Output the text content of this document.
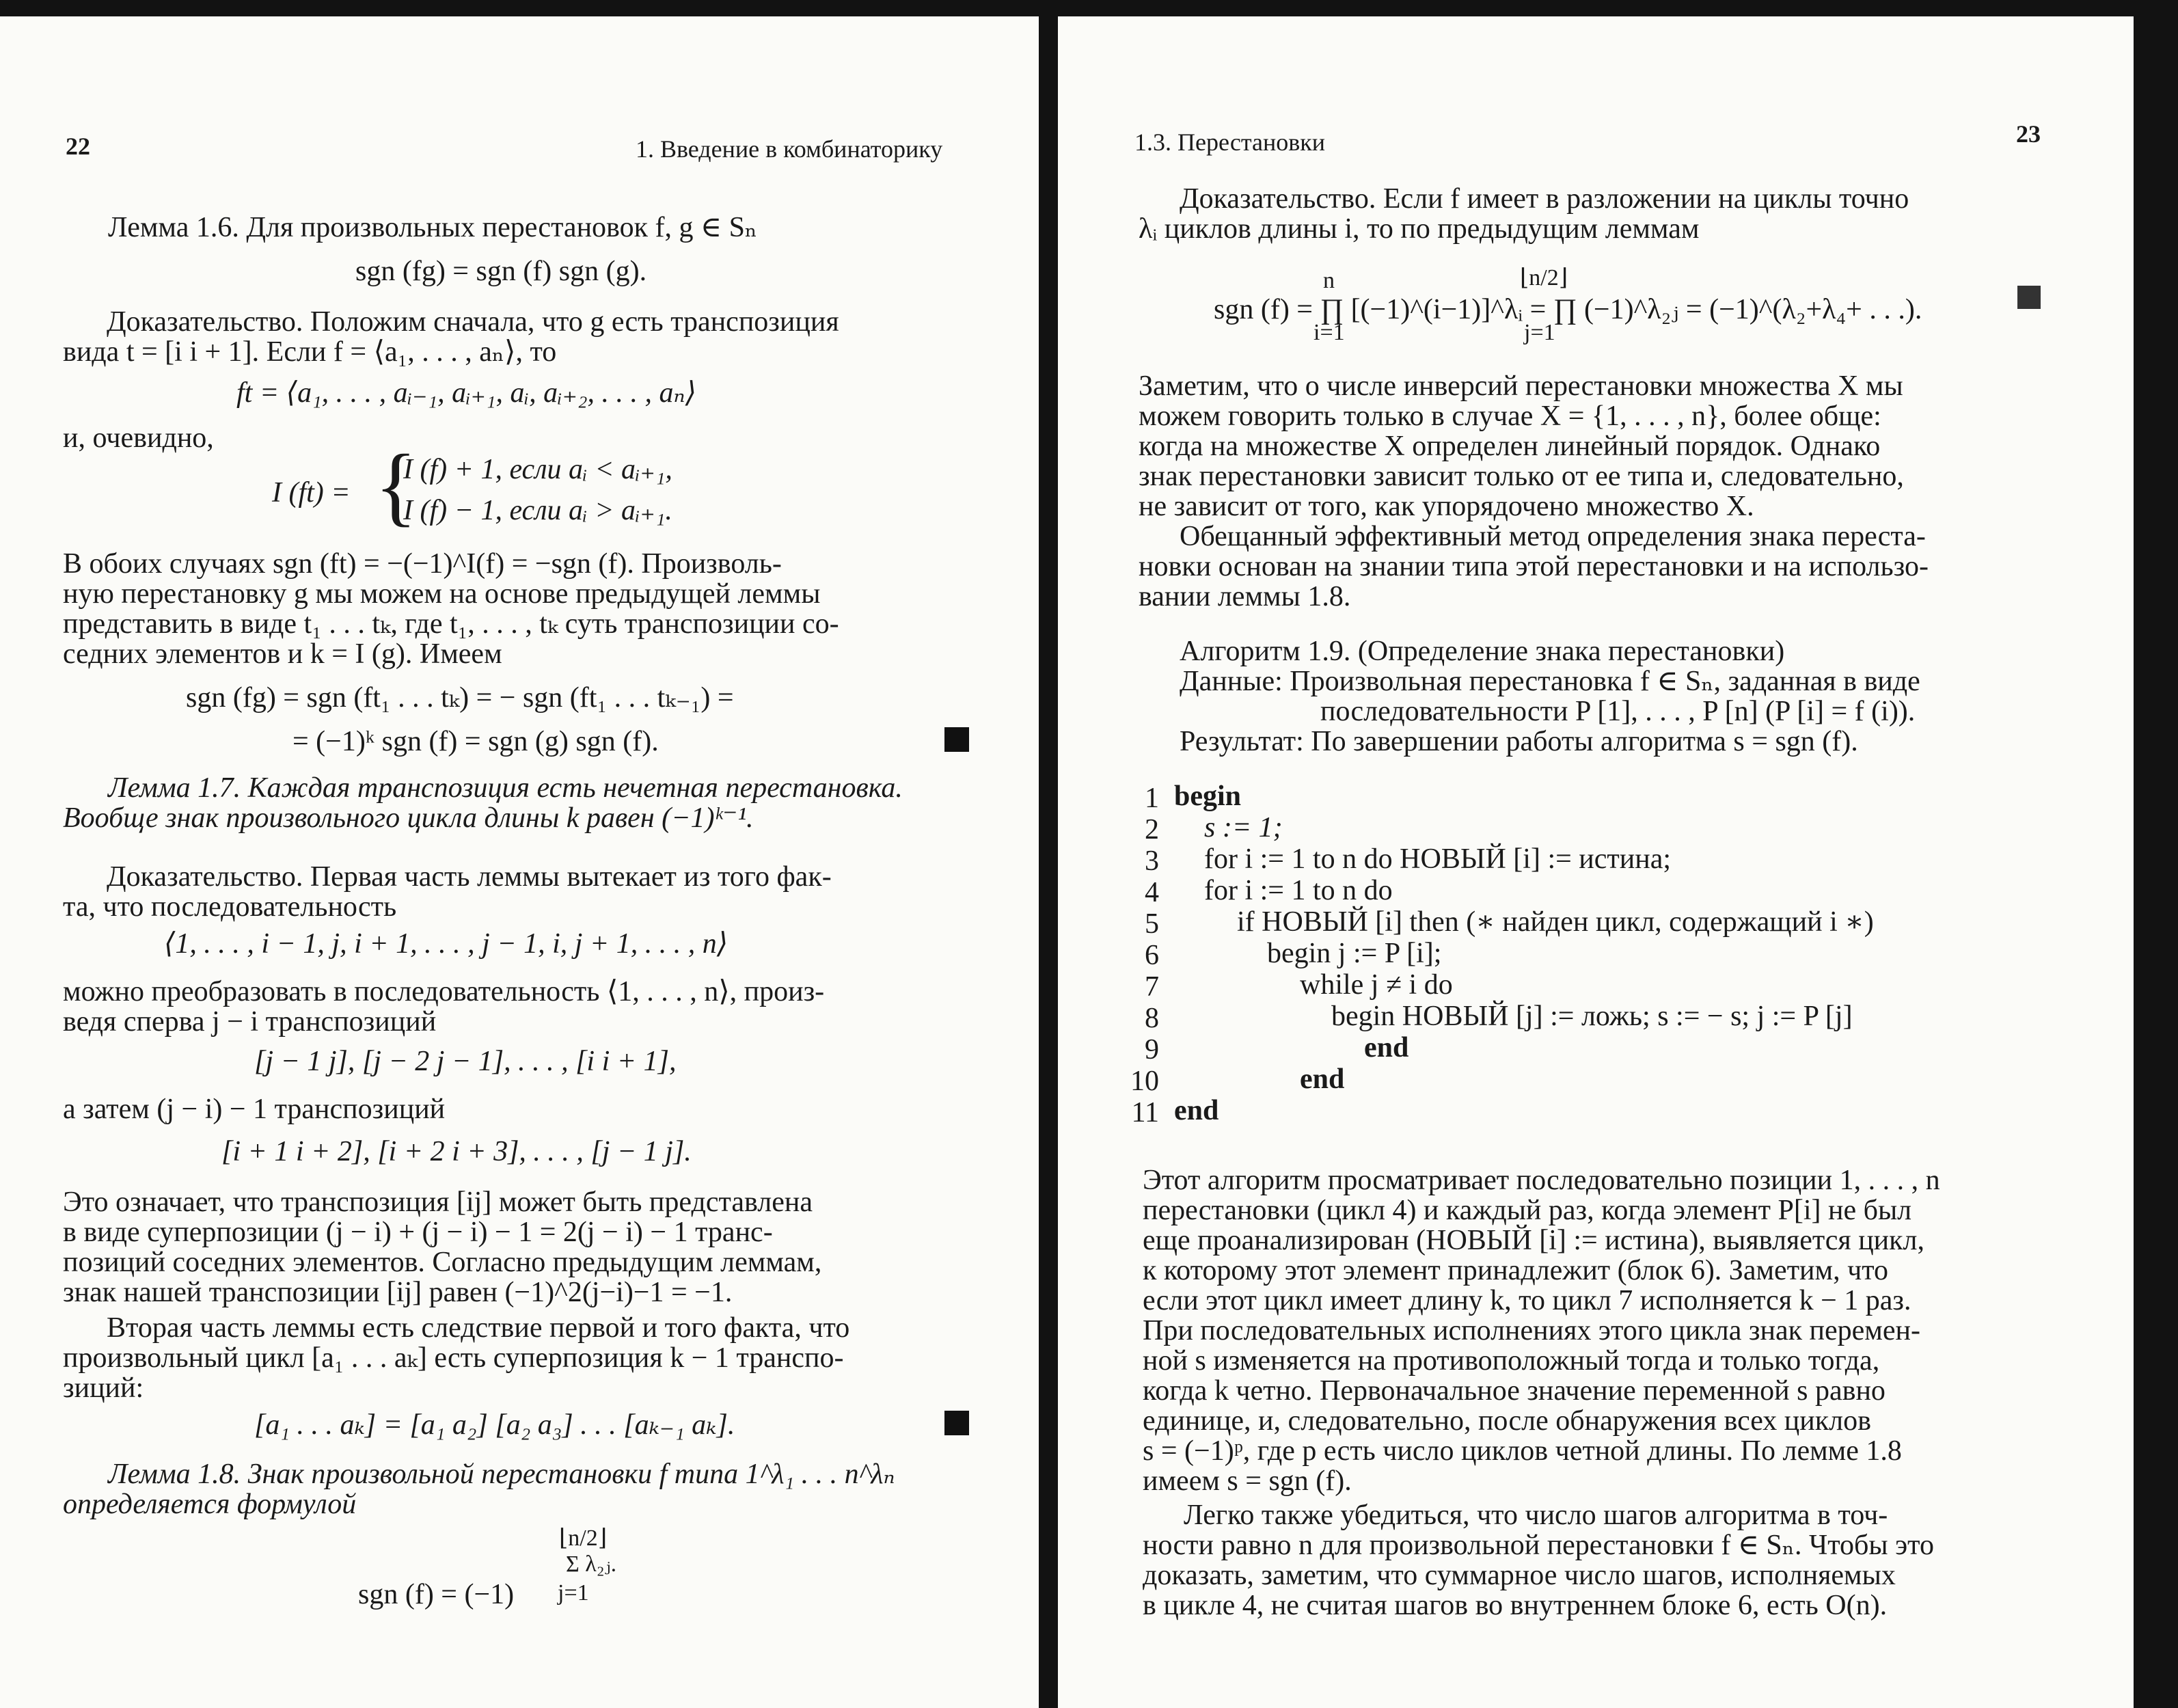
22	1. Введение в комбинаторику
Лемма 1.6. Для произвольных перестановок f, g ∈ Sₙ
sgn (fg) = sgn (f) sgn (g).
Доказательство. Положим сначала, что g есть транспозиция
вида t = [i i + 1]. Если f = ⟨a₁, . . . , aₙ⟩, то
ft = ⟨a₁, . . . , aᵢ₋₁, aᵢ₊₁, aᵢ, aᵢ₊₂, . . . , aₙ⟩
и, очевидно,
I (ft) = {
I (f) + 1, если aᵢ < aᵢ₊₁,
I (f) − 1, если aᵢ > aᵢ₊₁.
В обоих случаях sgn (ft) = −(−1)^I(f) = −sgn (f). Произволь-
ную перестановку g мы можем на основе предыдущей леммы
представить в виде t₁ . . . tₖ, где t₁, . . . , tₖ суть транспозиции со-
седних элементов и k = I (g). Имеем
sgn (fg) = sgn (ft₁ . . . tₖ) = − sgn (ft₁ . . . tₖ₋₁) =
= (−1)ᵏ sgn (f) = sgn (g) sgn (f).
Лемма 1.7. Каждая транспозиция есть нечетная перестановка.
Вообще знак произвольного цикла длины k равен (−1)ᵏ⁻¹.
Доказательство. Первая часть леммы вытекает из того фак-
та, что последовательность
⟨1, . . . , i − 1, j, i + 1, . . . , j − 1, i, j + 1, . . . , n⟩
можно преобразовать в последовательность ⟨1, . . . , n⟩, произ-
ведя сперва j − i транспозиций
[j − 1 j], [j − 2 j − 1], . . . , [i i + 1],
а затем (j − i) − 1 транспозиций
[i + 1 i + 2], [i + 2 i + 3], . . . , [j − 1 j].
Это означает, что транспозиция [ij] может быть представлена
в виде суперпозиции (j − i) + (j − i) − 1 = 2(j − i) − 1 транс-
позиций соседних элементов. Согласно предыдущим леммам,
знак нашей транспозиции [ij] равен (−1)^2(j−i)−1 = −1.
Вторая часть леммы есть следствие первой и того факта, что
произвольный цикл [a₁ . . . aₖ] есть суперпозиция k − 1 транспо-
зиций:
[a₁ . . . aₖ] = [a₁ a₂] [a₂ a₃] . . . [aₖ₋₁ aₖ].
Лемма 1.8. Знак произвольной перестановки f типа 1^λ₁ . . . n^λₙ
определяется формулой
⌊n/2⌋
Σ λ₂ⱼ.
j=1
sgn (f) = (−1)
1.3. Перестановки	23
Доказательство. Если f имеет в разложении на циклы точно
λᵢ циклов длины i, то по предыдущим леммам
n
i=1
⌊n/2⌋
j=1
sgn (f) = ∏ [(−1)^(i−1)]^λᵢ = ∏ (−1)^λ₂ⱼ = (−1)^(λ₂+λ₄+ . . .).
Заметим, что о числе инверсий перестановки множества X мы
можем говорить только в случае X = {1, . . . , n}, более обще:
когда на множестве X определен линейный порядок. Однако
знак перестановки зависит только от ее типа и, следовательно,
не зависит от того, как упорядочено множество X.
Обещанный эффективный метод определения знака переста-
новки основан на знании типа этой перестановки и на использо-
вании леммы 1.8.
Алгоритм 1.9. (Определение знака перестановки)
Данные: Произвольная перестановка f ∈ Sₙ, заданная в виде
последовательности P [1], . . . , P [n] (P [i] = f (i)).
Результат: По завершении работы алгоритма s = sgn (f).
1 begin
2 s := 1;
3 for i := 1 to n do НОВЫЙ [i] := истина;
4 for i := 1 to n do
5	if НОВЫЙ [i] then (∗ найден цикл, содержащий i ∗)
6	begin j := P [i];
7	while j ≠ i do
8	begin НОВЫЙ [j] := ложь; s := − s; j := P [j]
9	end
10	end
11 end
Этот алгоритм просматривает последовательно позиции 1, . . . , n
перестановки (цикл 4) и каждый раз, когда элемент P[i] не был
еще проанализирован (НОВЫЙ [i] := истина), выявляется цикл,
к которому этот элемент принадлежит (блок 6). Заметим, что
если этот цикл имеет длину k, то цикл 7 исполняется k − 1 раз.
При последовательных исполнениях этого цикла знак перемен-
ной s изменяется на противоположный тогда и только тогда,
когда k четно. Первоначальное значение переменной s равно
единице, и, следовательно, после обнаружения всех циклов
s = (−1)ᵖ, где p есть число циклов четной длины. По лемме 1.8
имеем s = sgn (f).
Легко также убедиться, что число шагов алгоритма в точ-
ности равно n для произвольной перестановки f ∈ Sₙ. Чтобы это
доказать, заметим, что суммарное число шагов, исполняемых
в цикле 4, не считая шагов во внутреннем блоке 6, есть O(n).
